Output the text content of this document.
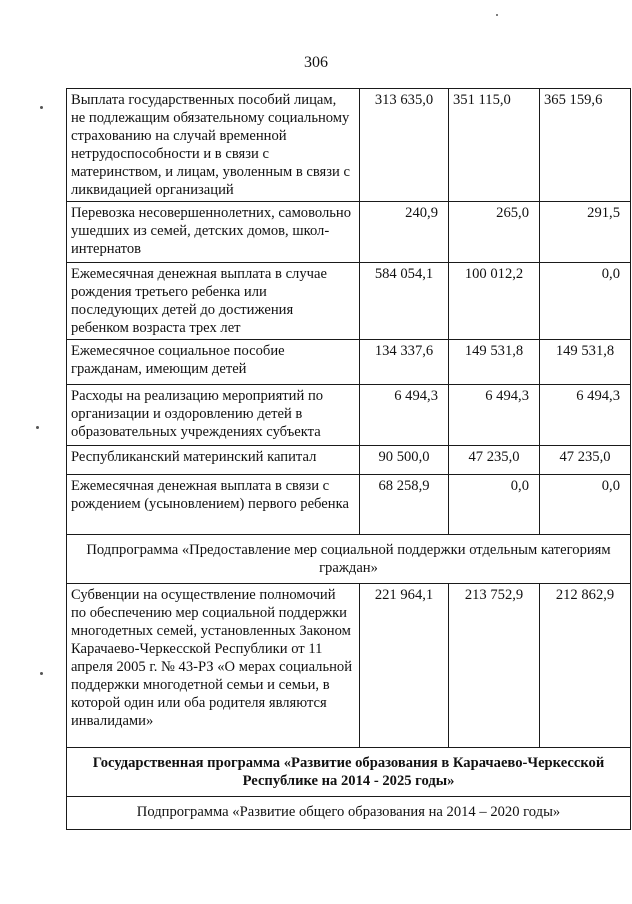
306
Выплата государственных пособий лицам, не подлежащим обязательному социальному страхованию на случай временной нетрудоспособности и в связи с материнством, и лицам, уволенным в связи с ликвидацией организаций	313 635,0	351 115,0	365 159,6
Перевозка несовершеннолетних, самовольно ушедших из семей, детских домов, школ-интернатов	240,9	265,0	291,5
Ежемесячная денежная выплата в случае рождения третьего ребенка или последующих детей до достижения ребенком возраста трех лет	584 054,1	100 012,2	0,0
Ежемесячное социальное пособие гражданам, имеющим детей	134 337,6	149 531,8	149 531,8
Расходы на реализацию мероприятий по организации и оздоровлению детей в образовательных учреждениях субъекта	6 494,3	6 494,3	6 494,3
Республиканский материнский капитал	90 500,0	47 235,0	47 235,0
Ежемесячная денежная выплата в связи с рождением (усыновлением) первого ребенка	68 258,9	0,0	0,0
Подпрограмма «Предоставление мер социальной поддержки отдельным категориям граждан»			
Субвенции на осуществление полномочий по обеспечению мер социальной поддержки многодетных семей, установленных Законом Карачаево-Черкесской Республики от 11 апреля 2005 г. № 43-РЗ «О мерах социальной поддержки многодетной семьи и семьи, в которой один или оба родителя являются инвалидами»	221 964,1	213 752,9	212 862,9
Государственная программа «Развитие образования в Карачаево-Черкесской Республике на 2014 - 2025 годы»			
Подпрограмма «Развитие общего образования на 2014 – 2020 годы»			
